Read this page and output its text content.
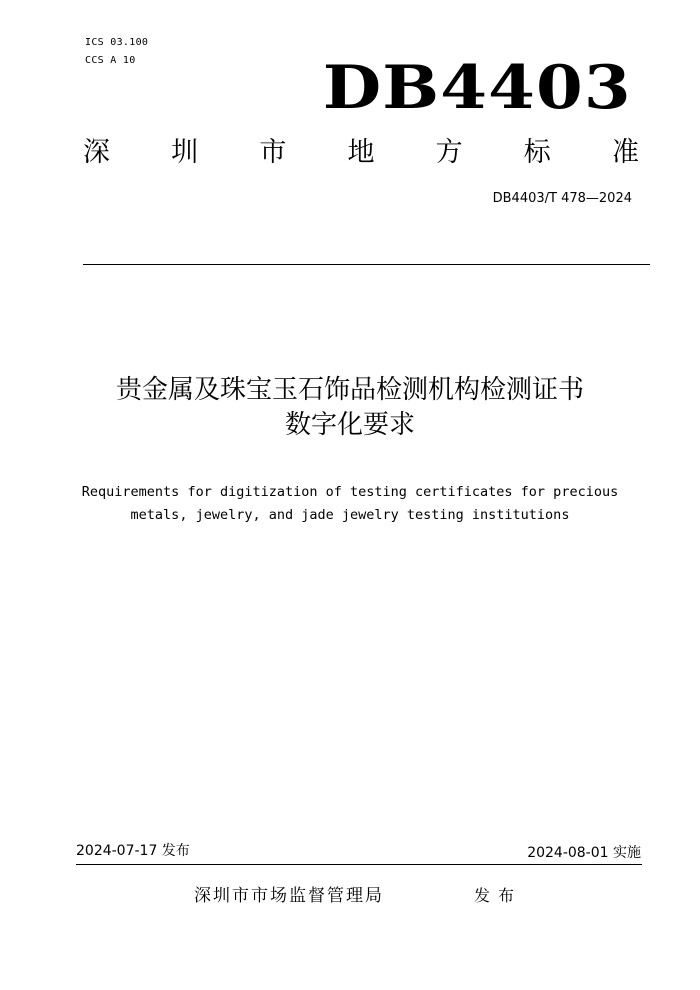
ICS 03.100
CCS A 10	DB4403
深 圳 市 地 方 标 准
DB4403/T 478—2024
贵金属及珠宝玉石饰品检测机构检测证书
数字化要求
Requirements for digitization of testing certificates for precious
metals, jewelry, and jade jewelry testing institutions
2024-07-17 发布	2024-08-01 实施
深圳市市场监督管理局	发布
